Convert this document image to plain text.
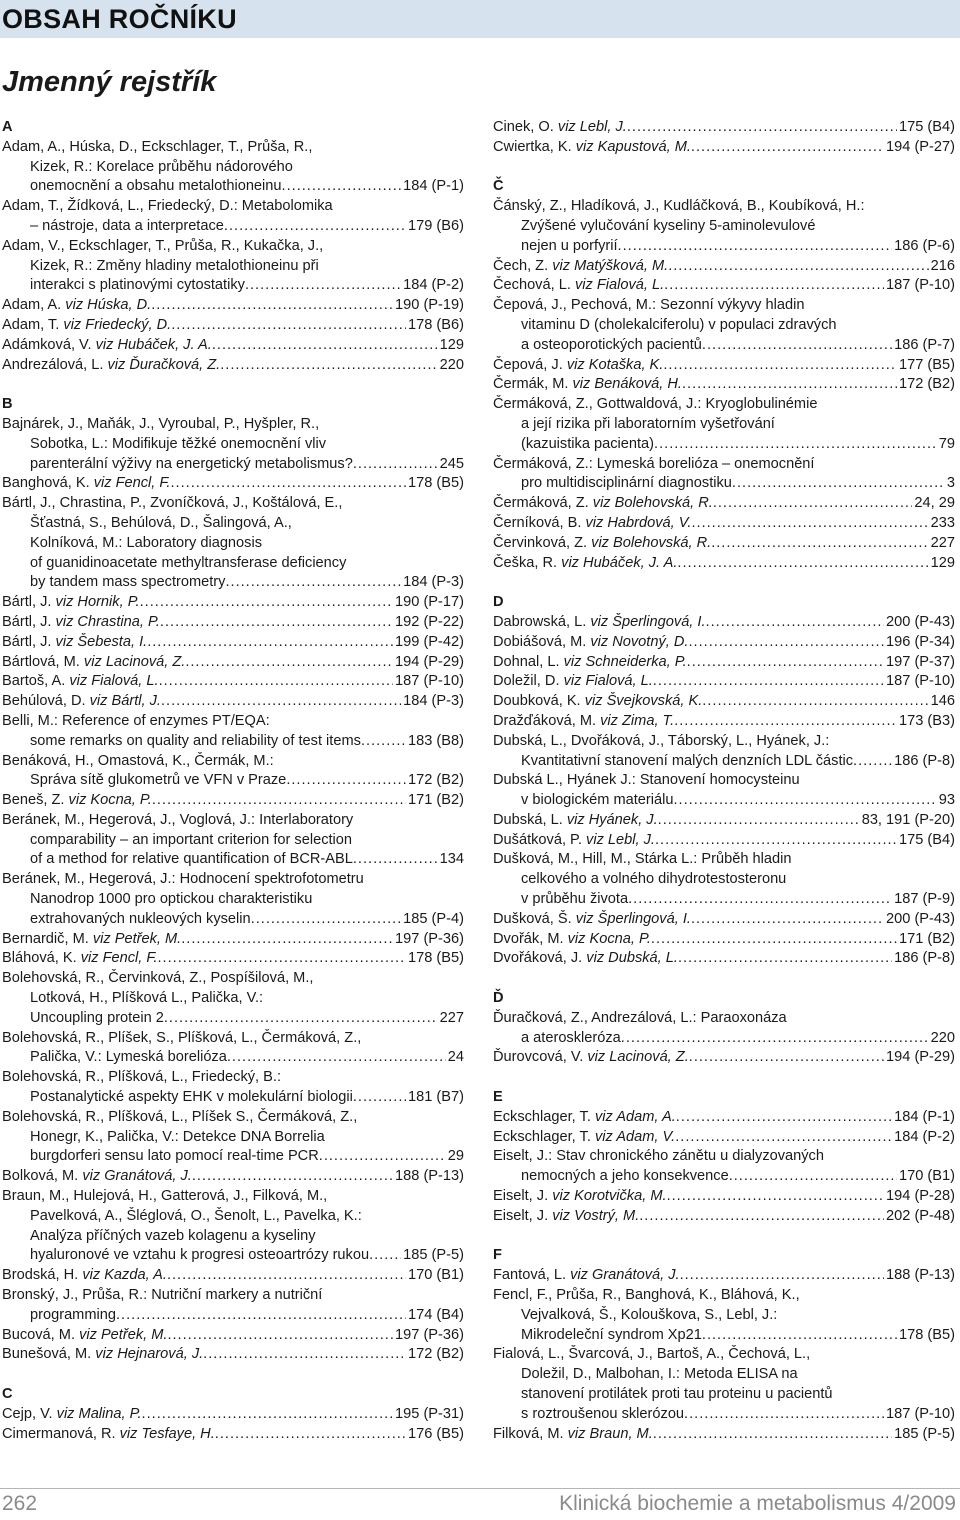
OBSAH ROČNÍKU
Jmenný rejstřík
A
Adam, A., Húska, D., Eckschlager, T., Průša, R.,
Kizek, R.: Korelace průběhu nádorového
onemocnění a obsahu metalothioneinu .....	184 (P-1)
Adam, T., Žídková, L., Friedecký, D.: Metabolomika
– nástroje, data a interpretace .....	179 (B6)
Adam, V., Eckschlager, T., Průša, R., Kukačka, J.,
Kizek, R.: Změny hladiny metalothioneinu při
interakci s platinovými cytostatiky .....	184 (P-2)
Adam, A. viz Húska, D. .....	190 (P-19)
Adam, T. viz Friedecký, D. .....	178 (B6)
Adámková, V. viz Hubáček, J. A. .....	129
Andrezálová, L. viz Ďuračková, Z. .....	220
B
Bajnárek, J., Maňák, J., Vyroubal, P., Hyšpler, R.,
Sobotka, L.: Modifikuje těžké onemocnění vliv
parenterální výživy na energetický metabolismus? .....	245
Banghová, K. viz Fencl, F. .....	178 (B5)
Bártl, J., Chrastina, P., Zvoníčková, J., Koštálová, E.,
Šťastná, S., Behúlová, D., Šalingová, A.,
Kolníková, M.: Laboratory diagnosis
of guanidinoacetate methyltransferase deficiency
by tandem mass spectrometry .....	184 (P-3)
Bártl, J. viz Hornik, P. .....	190 (P-17)
Bártl, J. viz Chrastina, P. .....	192 (P-22)
Bártl, J. viz Šebesta, I. .....	199 (P-42)
Bártlová, M. viz Lacinová, Z. .....	194 (P-29)
Bartoš, A. viz Fialová, L. .....	187 (P-10)
Behúlová, D. viz Bártl, J. .....	184 (P-3)
Belli, M.: Reference of enzymes PT/EQA:
some remarks on quality and reliability of test items .....	183 (B8)
Benáková, H., Omastová, K., Čermák, M.:
Správa sítě glukometrů ve VFN v Praze .....	172 (B2)
Beneš, Z. viz Kocna, P. .....	171 (B2)
Beránek, M., Hegerová, J., Voglová, J.: Interlaboratory
comparability – an important criterion for selection
of a method for relative quantification of BCR-ABL .....	134
Beránek, M., Hegerová, J.: Hodnocení spektrofotometru
Nanodrop 1000 pro optickou charakteristiku
extrahovaných nukleových kyselin .....	185 (P-4)
Bernardič, M. viz Petřek, M. .....	197 (P-36)
Bláhová, K. viz Fencl, F. .....	178 (B5)
Bolehovská, R., Červinková, Z., Pospíšilová, M.,
Lotková, H., Plíšková L., Palička, V.:
Uncoupling protein 2 .....	227
Bolehovská, R., Plíšek, S., Plíšková, L., Čermáková, Z.,
Palička, V.: Lymeská borelióza .....	24
Bolehovská, R., Plíšková, L., Friedecký, B.:
Postanalytické aspekty EHK v molekulární biologii .....	181 (B7)
Bolehovská, R., Plíšková, L., Plíšek S., Čermáková, Z.,
Honegr, K., Palička, V.: Detekce DNA Borrelia
burgdorferi sensu lato pomocí real-time PCR .....	29
Bolková, M. viz Granátová, J. .....	188 (P-13)
Braun, M., Hulejová, H., Gatterová, J., Filková, M.,
Pavelková, A., Šléglová, O., Šenolt, L., Pavelka, K.:
Analýza příčných vazeb kolagenu a kyseliny
hyaluronové ve vztahu k progresi osteoartrózy rukou ..... 185 (P-5)
Brodská, H. viz Kazda, A. .....	170 (B1)
Bronský, J., Průša, R.: Nutriční markery a nutriční
programming .....	174 (B4)
Bucová, M. viz Petřek, M. .....	197 (P-36)
Bunešová, M. viz Hejnarová, J. .....	172 (B2)
C
Cejp, V. viz Malina, P. .....	195 (P-31)
Cimermanová, R. viz Tesfaye, H. .....	176 (B5)
Cinek, O. viz Lebl, J. .....	175 (B4)
Cwiertka, K. viz Kapustová, M. .....	194 (P-27)
Č
Čánský, Z., Hladíková, J., Kudláčková, B., Koubíková, H.:
Zvýšené vylučování kyseliny 5-aminolevulové
nejen u porfyrií .....	186 (P-6)
Čech, Z. viz Matýšková, M. .....	216
Čechová, L. viz Fialová, L. .....	187 (P-10)
Čepová, J., Pechová, M.: Sezonní výkyvy hladin
vitaminu D (cholekalciferolu) v populaci zdravých
a osteoporotických pacientů .....	186 (P-7)
Čepová, J. viz Kotaška, K. .....	177 (B5)
Čermák, M. viz Benáková, H. .....	172 (B2)
Čermáková, Z., Gottwaldová, J.: Kryoglobulinémie
a její rizika při laboratorním vyšetřování
(kazuistika pacienta) .....	79
Čermáková, Z.: Lymeská borelióza – onemocnění
pro multidisciplinární diagnostiku .....	3
Čermáková, Z. viz Bolehovská, R. .....	24, 29
Černíková, B. viz Habrdová, V. .....	233
Červinková, Z. viz Bolehovská, R. .....	227
Češka, R. viz Hubáček, J. A. .....	129
D
Dabrowská, L. viz Šperlingová, I. .....	200 (P-43)
Dobiášová, M. viz Novotný, D. .....	196 (P-34)
Dohnal, L. viz Schneiderka, P. .....	197 (P-37)
Doležil, D. viz Fialová, L. .....	187 (P-10)
Doubková, K. viz Švejkovská, K. .....	146
Dražďáková, M. viz Zima, T. .....	173 (B3)
Dubská, L., Dvořáková, J., Táborský, L., Hyánek, J.:
Kvantitativní stanovení malých denzních LDL částic .....	186 (P-8)
Dubská L., Hyánek J.: Stanovení homocysteinu
v biologickém materiálu .....	93
Dubská, L. viz Hyánek, J. .....	83, 191 (P-20)
Dušátková, P. viz Lebl, J. .....	175 (B4)
Dušková, M., Hill, M., Stárka L.: Průběh hladin
celkového a volného dihydrotestosteronu
v průběhu života .....	187 (P-9)
Dušková, Š. viz Šperlingová, I. .....	200 (P-43)
Dvořák, M. viz Kocna, P. .....	171 (B2)
Dvořáková, J. viz Dubská, L. .....	186 (P-8)
Ď
Ďuračková, Z., Andrezálová, L.: Paraoxonáza
a ateroskleróza .....	220
Ďurovcová, V. viz Lacinová, Z. .....	194 (P-29)
E
Eckschlager, T. viz Adam, A. .....	184 (P-1)
Eckschlager, T. viz Adam, V. .....	184 (P-2)
Eiselt, J.: Stav chronického zánětu u dialyzovaných
nemocných a jeho konsekvence .....	170 (B1)
Eiselt, J. viz Korotvička, M. .....	194 (P-28)
Eiselt, J. viz Vostrý, M. .....	202 (P-48)
F
Fantová, L. viz Granátová, J. .....	188 (P-13)
Fencl, F., Průša, R., Banghová, K., Bláhová, K.,
Vejvalková, Š., Kolouškova, S., Lebl, J.:
Mikrodeleční syndrom Xp21 .....	178 (B5)
Fialová, L., Švarcová, J., Bartoš, A., Čechová, L.,
Doležil, D., Malbohan, I.: Metoda ELISA na
stanovení protilátek proti tau proteinu u pacientů
s roztroušenou sklerózou .....	187 (P-10)
Filková, M. viz Braun, M. .....	185 (P-5)
262	Klinická biochemie a metabolismus 4/2009
